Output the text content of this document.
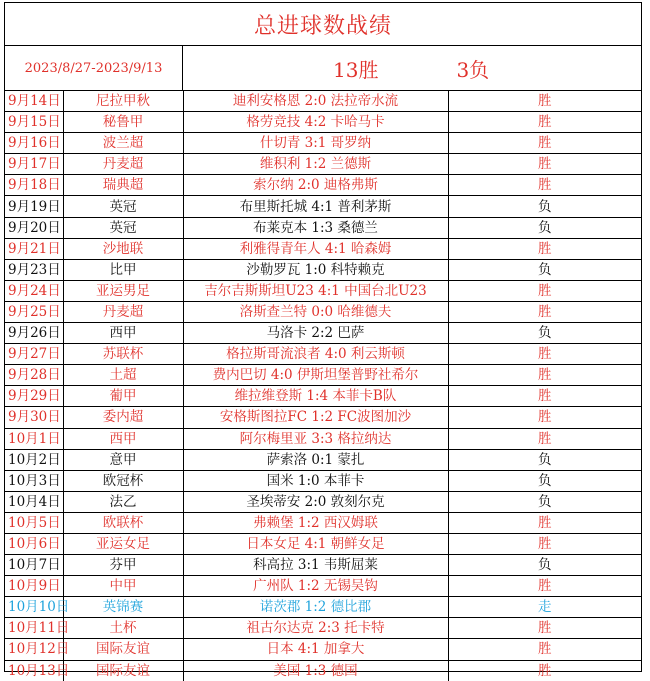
总进球数战绩
2023/8/27-2023/9/13	13胜	3负
9月14日	尼拉甲秋	迪利安格恩 2:0 法拉帝水流	胜
9月15日	秘鲁甲	格劳竞技 4:2 卡哈马卡	胜
9月16日	波兰超	什切青 3:1 哥罗纳	胜
9月17日	丹麦超	维积利 1:2 兰德斯	胜
9月18日	瑞典超	索尔纳 2:0 迪格弗斯	胜
9月19日	英冠	布里斯托城 4:1 普利茅斯	负
9月20日	英冠	布莱克本 1:3 桑德兰	负
9月21日	沙地联	利雅得青年人 4:1 哈森姆	胜
9月23日	比甲	沙勒罗瓦 1:0 科特赖克	负
9月24日	亚运男足	吉尔吉斯斯坦U23 4:1 中国台北U23	胜
9月25日	丹麦超	洛斯查兰特 0:0 哈维德夫	胜
9月26日	西甲	马洛卡 2:2 巴萨	负
9月27日	苏联杯	格拉斯哥流浪者 4:0 利云斯顿	胜
9月28日	土超	费内巴切 4:0 伊斯坦堡普野社希尔	胜
9月29日	葡甲	维拉维登斯 1:4 本菲卡B队	胜
9月30日	委内超	安格斯图拉FC 1:2 FC波图加沙	胜
10月1日	西甲	阿尔梅里亚 3:3 格拉纳达	胜
10月2日	意甲	萨索洛 0:1 蒙扎	负
10月3日	欧冠杯	国米 1:0 本菲卡	负
10月4日	法乙	圣埃蒂安 2:0 敦刻尔克	负
10月5日	欧联杯	弗赖堡 1:2 西汉姆联	胜
10月6日	亚运女足	日本女足 4:1 朝鲜女足	胜
10月7日	芬甲	科高拉 3:1 韦斯屈莱	负
10月9日	中甲	广州队 1:2 无锡吴钩	胜
10月10日	英锦赛	诺茨郡 1:2 德比郡	走
10月11日	土杯	祖古尔达克 2:3 托卡特	胜
10月12日	国际友谊	日本 4:1 加拿大	胜
10月13日	国际友谊	美国 1:3 德国	胜
